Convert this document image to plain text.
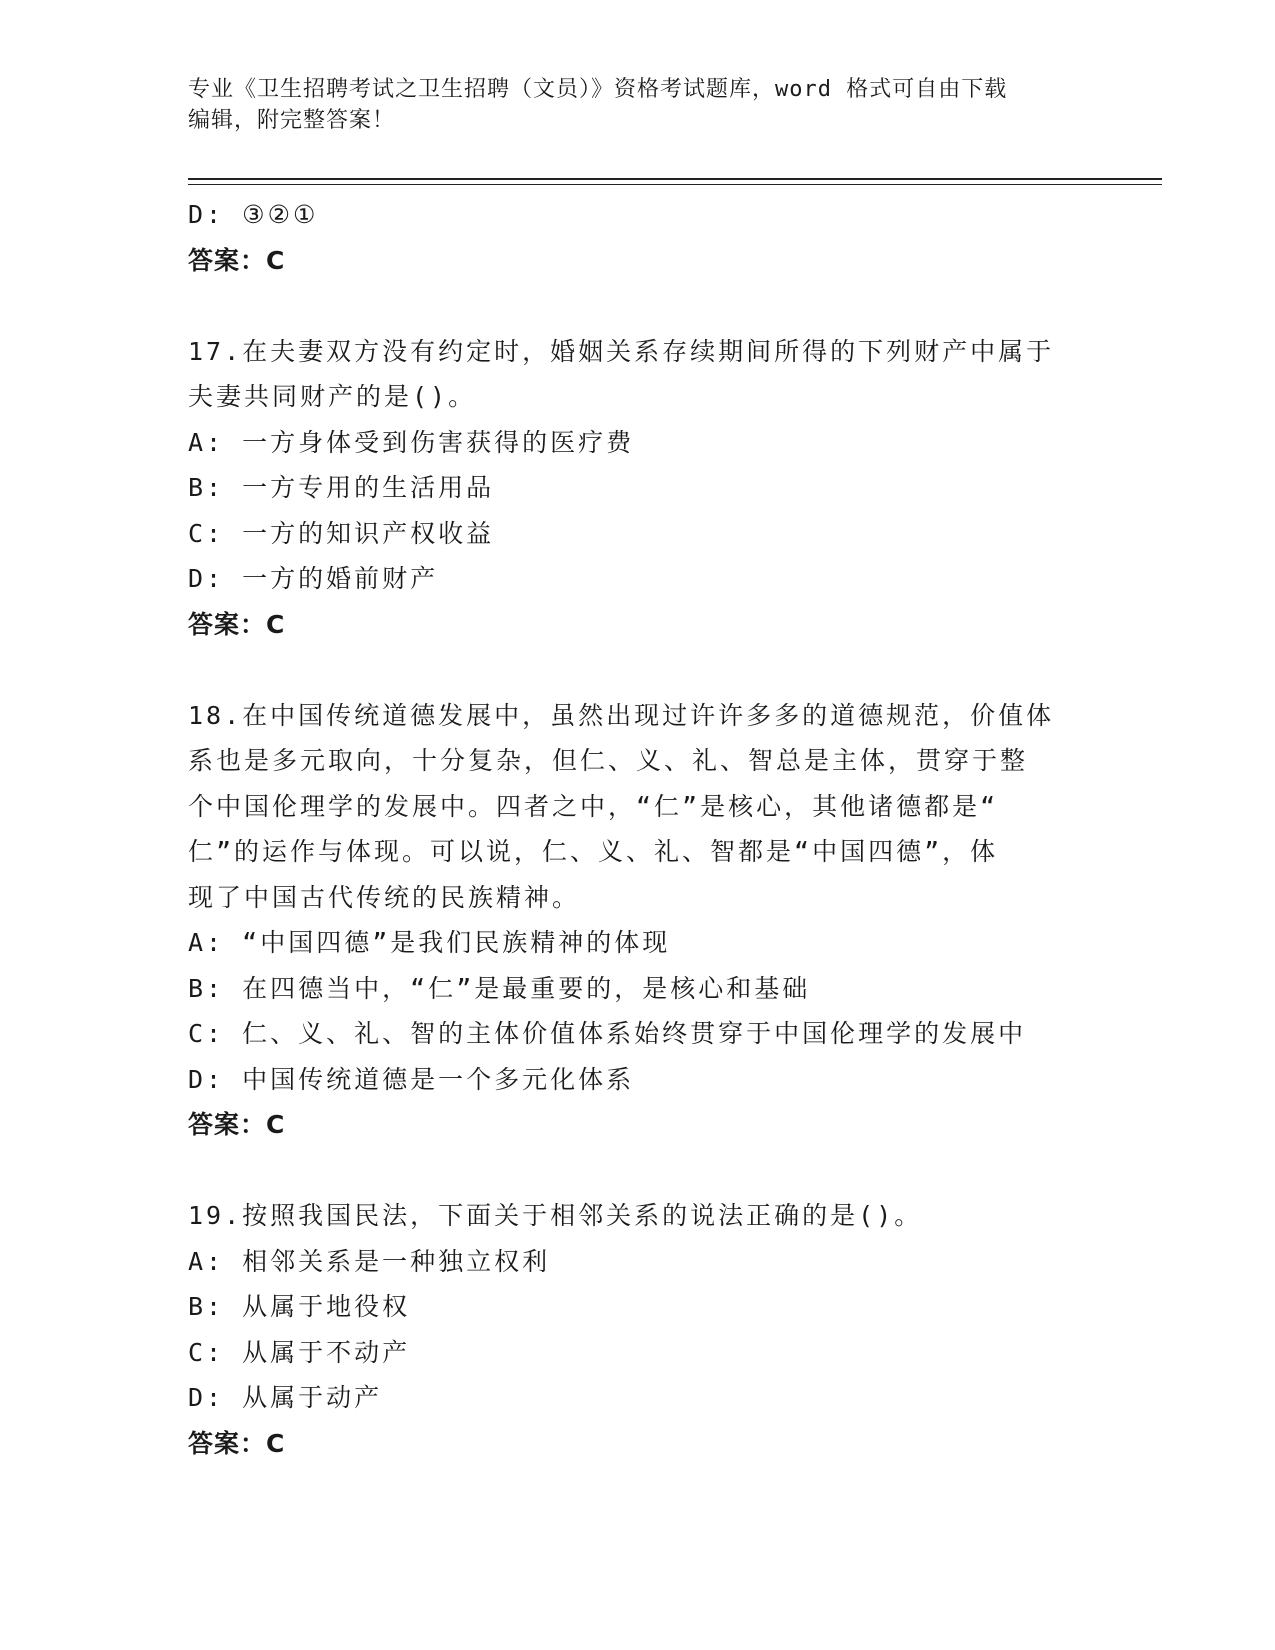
专业《卫生招聘考试之卫生招聘（文员）》资格考试题库，word 格式可自由下载
编辑，附完整答案！
D: ③②①
答案：C
17.在夫妻双方没有约定时，婚姻关系存续期间所得的下列财产中属于
夫妻共同财产的是()。
A: 一方身体受到伤害获得的医疗费
B: 一方专用的生活用品
C: 一方的知识产权收益
D: 一方的婚前财产
答案：C
18.在中国传统道德发展中，虽然出现过许许多多的道德规范，价值体
系也是多元取向，十分复杂，但仁、义、礼、智总是主体，贯穿于整
个中国伦理学的发展中。四者之中，“仁”是核心，其他诸德都是“
仁”的运作与体现。可以说，仁、义、礼、智都是“中国四德”，体
现了中国古代传统的民族精神。
A: “中国四德”是我们民族精神的体现
B: 在四德当中，“仁”是最重要的，是核心和基础
C: 仁、义、礼、智的主体价值体系始终贯穿于中国伦理学的发展中
D: 中国传统道德是一个多元化体系
答案：C
19.按照我国民法，下面关于相邻关系的说法正确的是()。
A: 相邻关系是一种独立权利
B: 从属于地役权
C: 从属于不动产
D: 从属于动产
答案：C
